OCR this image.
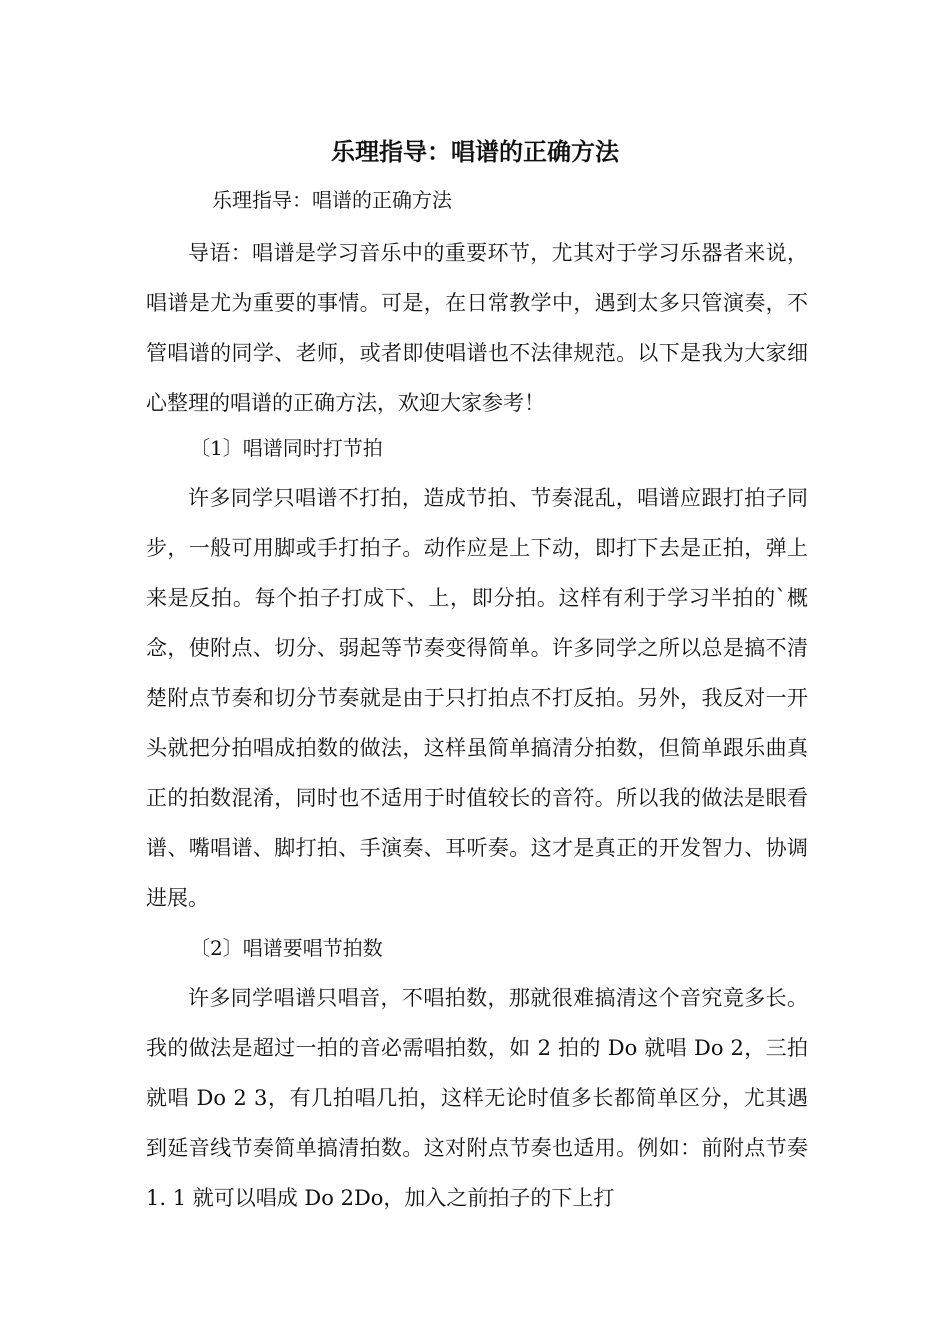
乐理指导：唱谱的正确方法
乐理指导：唱谱的正确方法

导语：唱谱是学习音乐中的重要环节，尤其对于学习乐器者来说，唱谱是尤为重要的事情。可是，在日常教学中，遇到太多只管演奏，不管唱谱的同学、老师，或者即使唱谱也不法律规范。以下是我为大家细心整理的唱谱的正确方法，欢迎大家参考！

〔1〕唱谱同时打节拍

许多同学只唱谱不打拍，造成节拍、节奏混乱，唱谱应跟打拍子同步，一般可用脚或手打拍子。动作应是上下动，即打下去是正拍，弹上来是反拍。每个拍子打成下、上，即分拍。这样有利于学习半拍的`概念，使附点、切分、弱起等节奏变得简单。许多同学之所以总是搞不清楚附点节奏和切分节奏就是由于只打拍点不打反拍。另外，我反对一开头就把分拍唱成拍数的做法，这样虽简单搞清分拍数，但简单跟乐曲真正的拍数混淆，同时也不适用于时值较长的音符。所以我的做法是眼看谱、嘴唱谱、脚打拍、手演奏、耳听奏。这才是真正的开发智力、协调进展。

〔2〕唱谱要唱节拍数

许多同学唱谱只唱音，不唱拍数，那就很难搞清这个音究竟多长。我的做法是超过一拍的音必需唱拍数，如 2 拍的 Do 就唱 Do 2，三拍就唱 Do 2 3，有几拍唱几拍，这样无论时值多长都简单区分，尤其遇到延音线节奏简单搞清拍数。这对附点节奏也适用。例如：前附点节奏 1. 1 就可以唱成 Do 2Do，加入之前拍子的下上打
